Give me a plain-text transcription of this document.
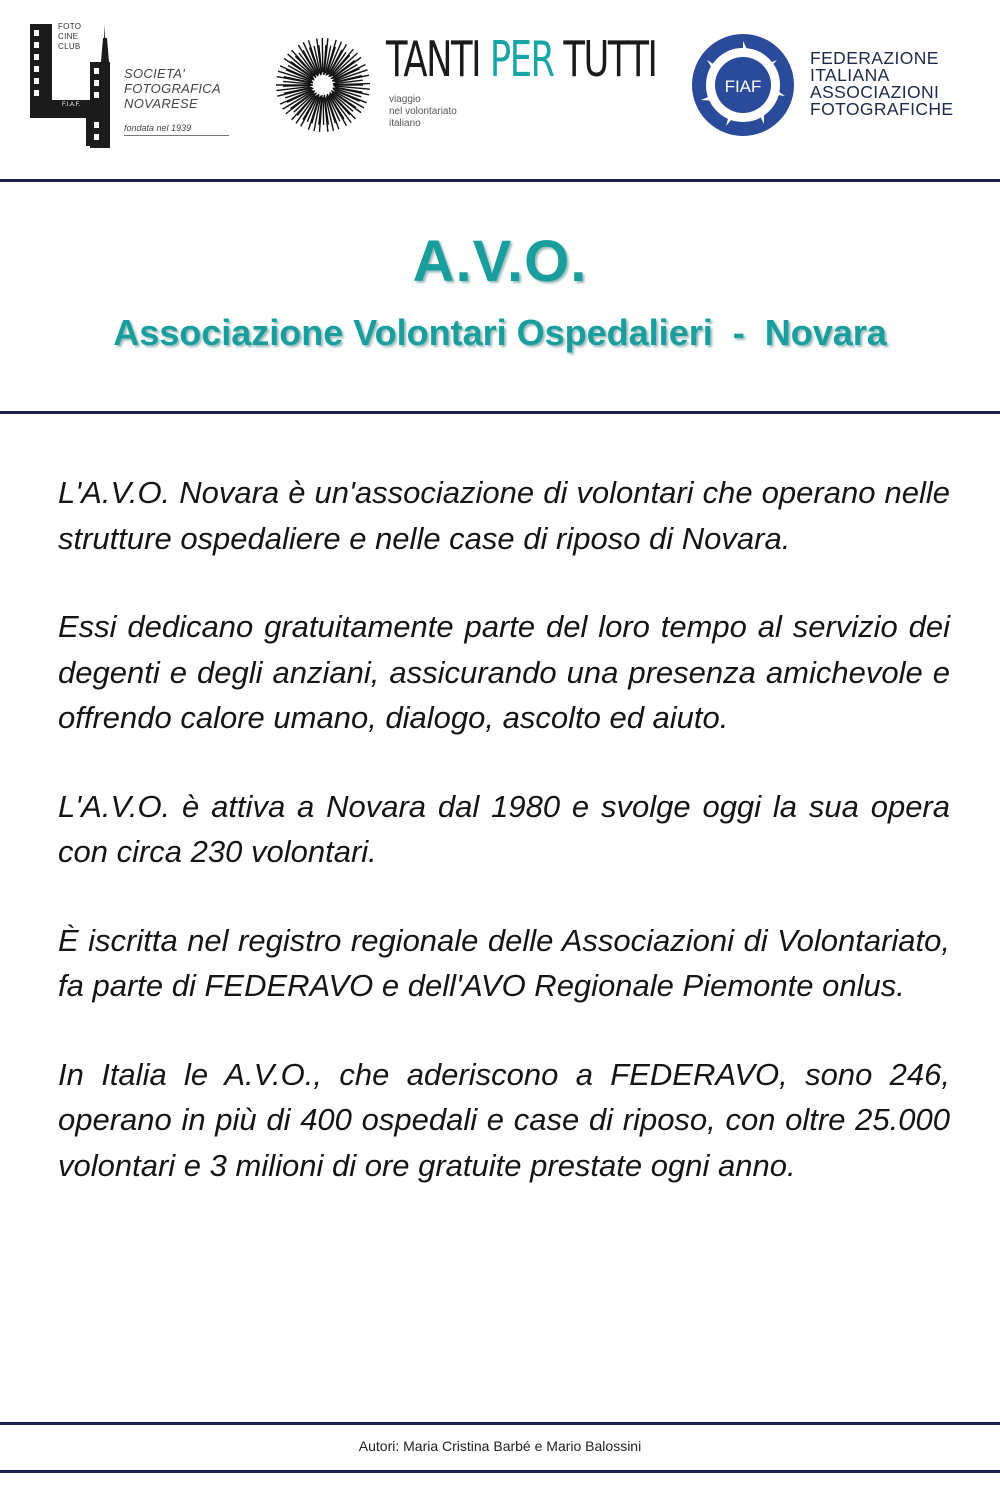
FOTO
CINE
CLUB
F.I.A.F.
SOCIETA'
FOTOGRAFICA
NOVARESE
fondata nel 1939
TANTI PER TUTTI
viaggio
nel volontariato
italiano
FIAF
FEDERAZIONE
ITALIANA
ASSOCIAZIONI
FOTOGRAFICHE
A.V.O.
Associazione Volontari Ospedalieri  -  Novara

L'A.V.O. Novara è un'associazione di volontari che operano nelle strutture ospedaliere e nelle case di riposo di Novara.

Essi dedicano gratuitamente parte del loro tempo al servizio dei degenti e degli anziani, assicurando una presenza amichevole e offrendo calore umano, dialogo, ascolto ed aiuto.

L'A.V.O. è attiva a Novara dal 1980 e svolge oggi la sua opera con circa 230 volontari.

È iscritta nel registro regionale delle Associazioni di Volontariato, fa parte di FEDERAVO e dell'AVO Regionale Piemonte onlus.

In Italia le A.V.O., che aderiscono a FEDERAVO, sono 246, operano in più di 400 ospedali e case di riposo, con oltre 25.000 volontari e 3 milioni di ore gratuite prestate ogni anno.

Autori: Maria Cristina Barbé e Mario Balossini
